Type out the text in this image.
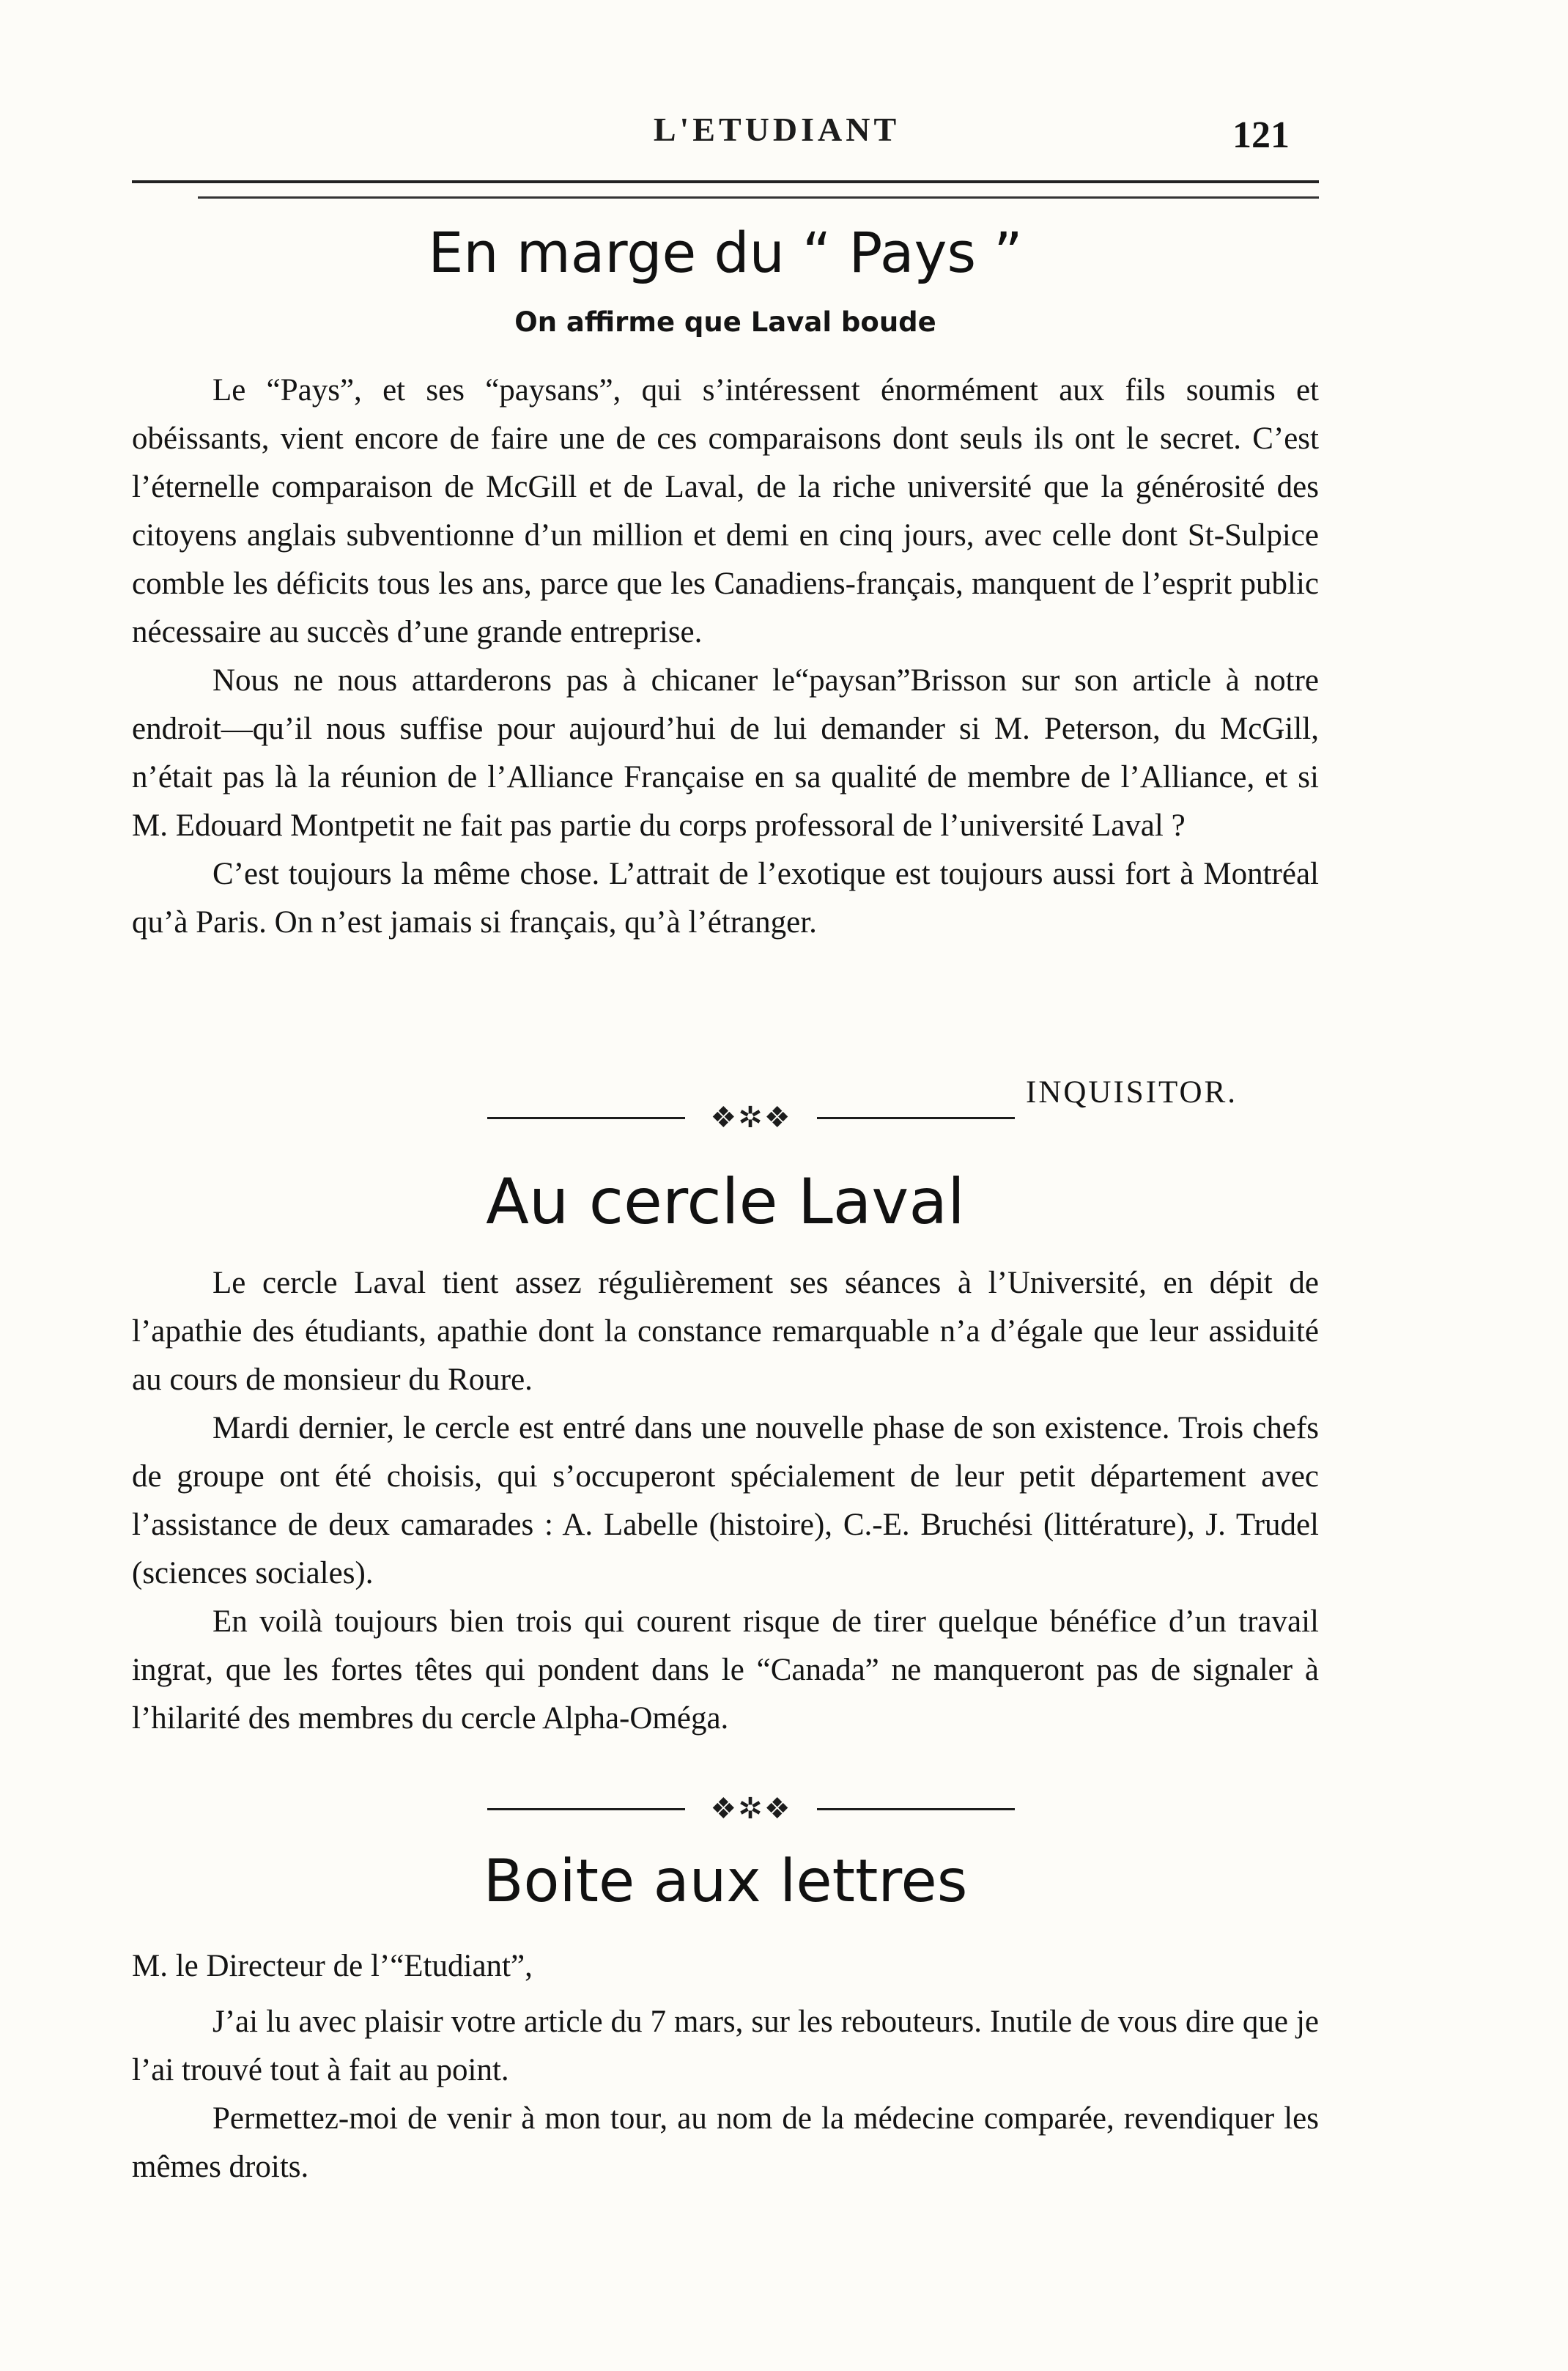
L'ETUDIANT	121
En marge du “ Pays ”
On affirme que Laval boude

Le “Pays”, et ses “paysans”, qui s’intéressent énormément aux fils soumis et obéissants, vient encore de faire une de ces comparaisons dont seuls ils ont le secret. C’est l’éternelle comparaison de McGill et de Laval, de la riche université que la générosité des citoyens anglais subventionne d’un million et demi en cinq jours, avec celle dont St-Sulpice comble les déficits tous les ans, parce que les Canadiens-français, manquent de l’esprit public nécessaire au succès d’une grande entreprise.

Nous ne nous attarderons pas à chicaner le“paysan”Brisson sur son article à notre endroit—qu’il nous suffise pour aujourd’hui de lui demander si M. Peterson, du McGill, n’était pas là la réunion de l’Alliance Française en sa qualité de membre de l’Alliance, et si M. Edouard Montpetit ne fait pas partie du corps professoral de l’université Laval ?

C’est toujours la même chose. L’attrait de l’exotique est toujours aussi fort à Montréal qu’à Paris. On n’est jamais si français, qu’à l’étranger.

INQUISITOR.
❖✲❖
Au cercle Laval

Le cercle Laval tient assez régulièrement ses séances à l’Université, en dépit de l’apathie des étudiants, apathie dont la constance remarquable n’a d’égale que leur assiduité au cours de monsieur du Roure.

Mardi dernier, le cercle est entré dans une nouvelle phase de son existence. Trois chefs de groupe ont été choisis, qui s’occuperont spécialement de leur petit département avec l’assistance de deux camarades : A. Labelle (histoire), C.-E. Bruchési (littérature), J. Trudel (sciences sociales).

En voilà toujours bien trois qui courent risque de tirer quelque bénéfice d’un travail ingrat, que les fortes têtes qui pondent dans le “Canada” ne manqueront pas de signaler à l’hilarité des membres du cercle Alpha-Oméga.

❖✲❖
Boite aux lettres

M. le Directeur de l’“Etudiant”,

J’ai lu avec plaisir votre article du 7 mars, sur les rebouteurs. Inutile de vous dire que je l’ai trouvé tout à fait au point.

Permettez-moi de venir à mon tour, au nom de la médecine comparée, revendiquer les mêmes droits.
